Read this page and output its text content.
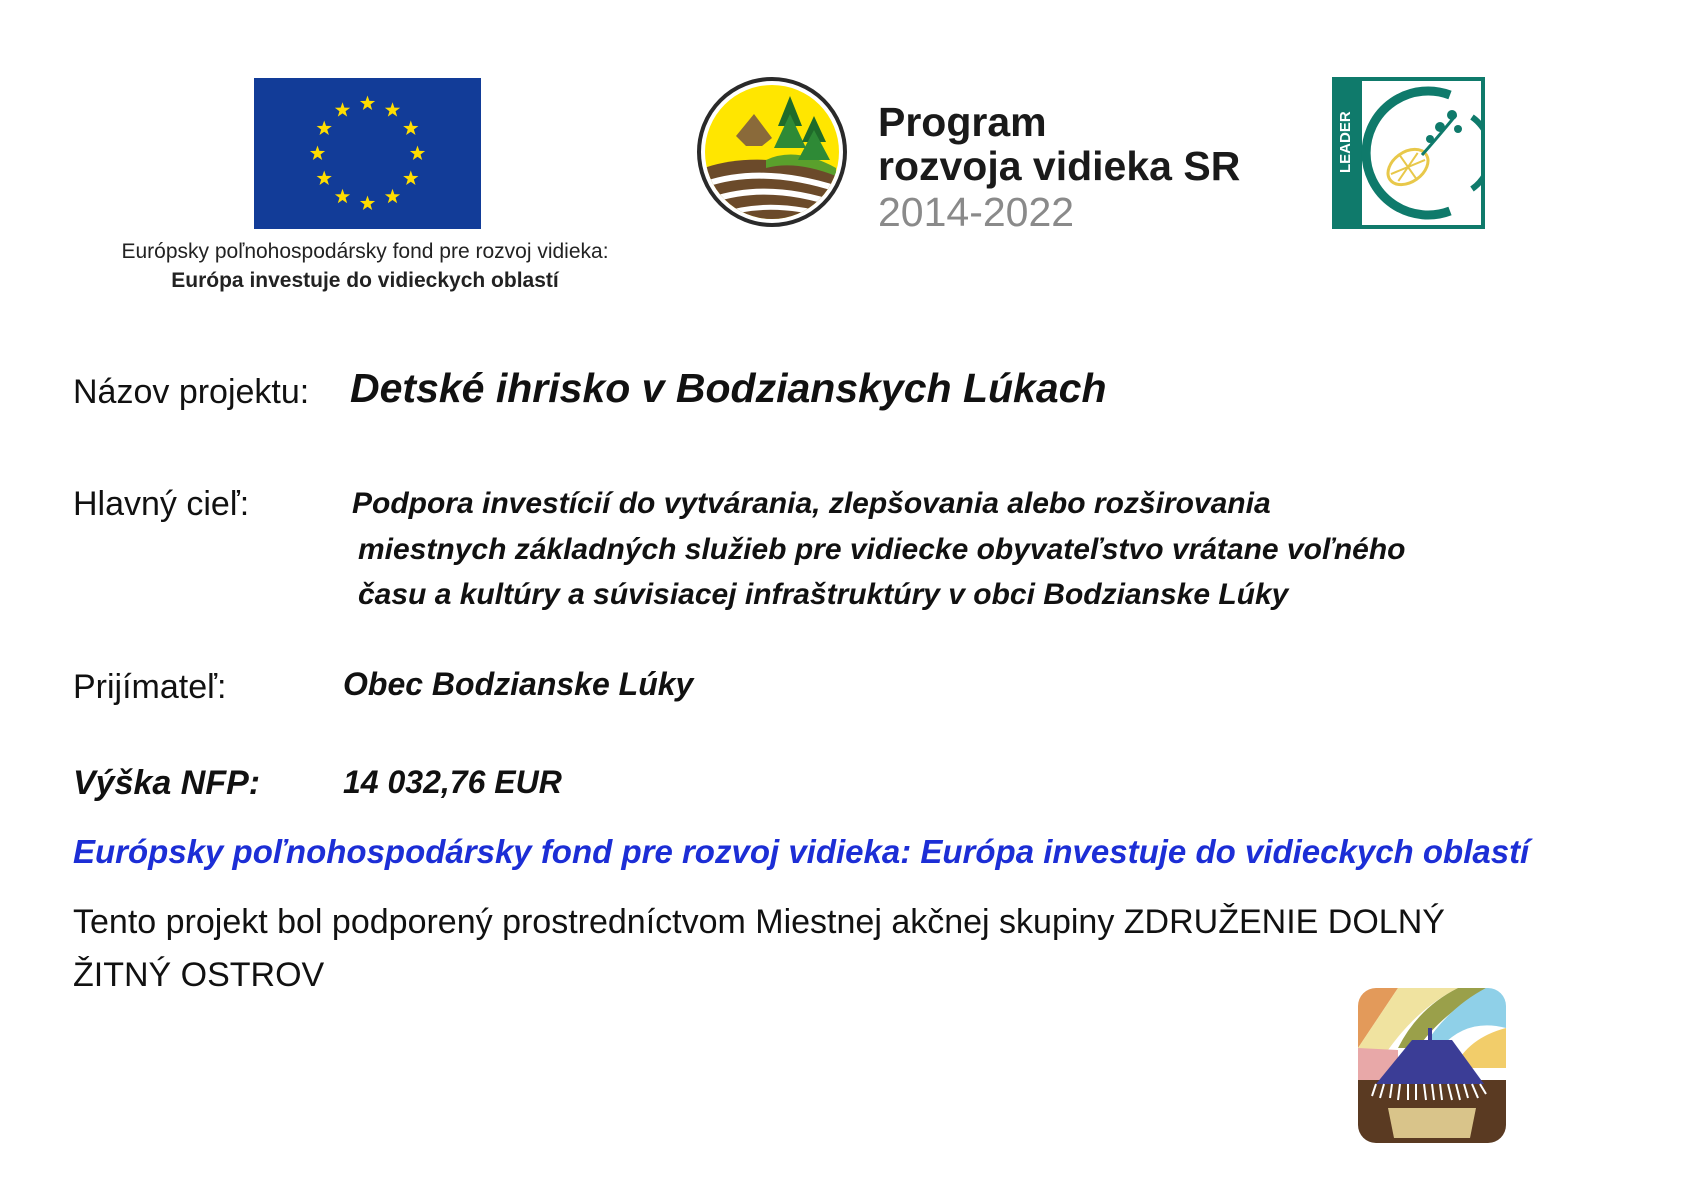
Európsky poľnohospodársky fond pre rozvoj vidieka:
Európa investuje do vidieckych oblastí
Program
rozvoja vidieka SR
2014-2022
LEADER
Názov projektu: Detské ihrisko v Bodzianskych Lúkach
Hlavný cieľ:	Podpora investícií do vytvárania, zlepšovania alebo rozširovania
miestnych základných služieb pre vidiecke obyvateľstvo vrátane voľného
času a kultúry a súvisiacej infraštruktúry v obci Bodzianske Lúky
Prijímateľ:	Obec Bodzianske Lúky
Výška NFP:	14 032,76 EUR
Európsky poľnohospodársky fond pre rozvoj vidieka: Európa investuje do vidieckych oblastí
Tento projekt bol podporený prostredníctvom Miestnej akčnej skupiny ZDRUŽENIE DOLNÝ
ŽITNÝ OSTROV
